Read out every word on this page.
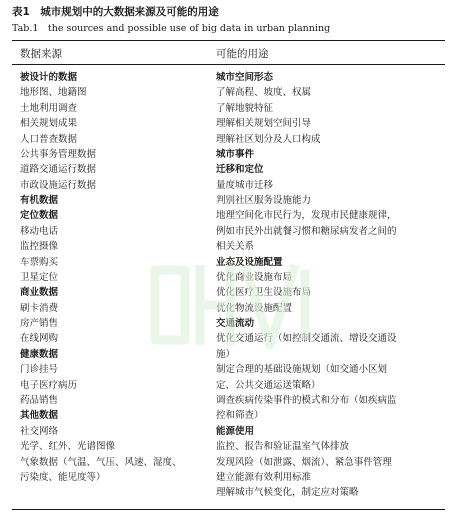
表1　城市规划中的大数据来源及可能的用途
Tab.1　the sources and possible use of big data in urban planning
数据来源	可能的用途
被设计的数据
地形图、地籍图
土地利用调查
相关规划成果
人口普查数据
公共事务管理数据
道路交通运行数据
市政设施运行数据
有机数据
定位数据
移动电话
监控摄像
车票购买
卫星定位
商业数据
刷卡消费
房产销售
在线网购
健康数据
门诊挂号
电子医疗病历
药品销售
其他数据
社交网络
光学、红外、光谱图像
气象数据（气温、气压、风速、湿度、
污染度、能见度等）
城市空间形态
了解高程、坡度、权属
了解地貌特征
理解相关规划空间引导
理解社区划分及人口构成
城市事件
迁移和定位
量度城市迁移
判别社区服务设施能力
地理空间化市民行为，发现市民健康规律，
例如市民外出就餐习惯和糖尿病发者之间的
相关关系
业态及设施配置
优化商业设施布局
优化医疗卫生设施布局
优化物流设施配置
交通流动
优化交通运行（如控制交通流、增设交通设
施）
制定合理的基础设施规划（如交通小区划
定、公共交通运送策略）
调查疾病传染事件的模式和分布（如疾病监
控和筛查）
能源使用
监控、报告和验证温室气体排放
发现风险（如泄露、烟流）、紧急事件管理
建立能源有效利用标准
理解城市气候变化，制定应对策略
